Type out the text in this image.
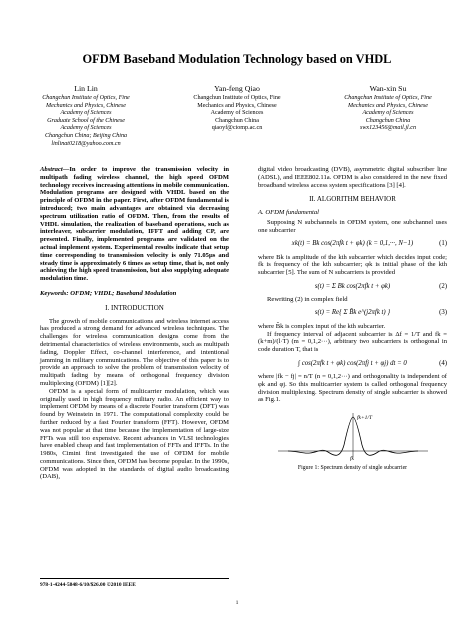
OFDM Baseband Modulation Technology based on VHDL
Lin Lin
Changchun Institute of Optics, Fine
Mechanics and Physics, Chinese
Academy of Sciences
Graduate School of the Chinese
Academy of Sciences
Changchun China; Beijing China
linlinat0218@yahoo.com.cn
Yan-feng Qiao
Changchun Institute of Optics, Fine
Mechanics and Physics, Chinese
Academy of Sciences
Changchun China
qiaoyf@ciomp.ac.cn
Wan-xin Su
Changchun Institute of Optics, Fine
Mechanics and Physics, Chinese
Academy of Sciences
Changchun China
swx123456@mail.jl.cn
Abstract—In order to improve the transmission velocity in multipath fading wireless channel, the high speed OFDM technology receives increasing attentions in mobile communication. Modulation programs are designed with VHDL based on the principle of OFDM in the paper. First, after OFDM fundamental is introduced; two main advantages are obtained via decreasing spectrum utilization ratio of OFDM. Then, from the results of VHDL simulation, the realization of baseband operations, such as interleaver, subcarrier modulation, IFFT and adding CP, are presented. Finally, implemented programs are validated on the actual implement system. Experimental results indicate that setup time corresponding to transmission velocity is only 71.05μs and steady time is approximately 6 times as setup time, that is, not only achieving the high speed transmission, but also supplying adequate modulation time.
Keywords: OFDM; VHDL; Baseband Modulation
I. INTRODUCTION

The growth of mobile communications and wireless internet access has produced a strong demand for advanced wireless techniques. The challenges for wireless communication designs come from the detrimental characteristics of wireless environments, such as multipath fading, Doppler Effect, co-channel interference, and intentional jamming in military communications. The objective of this paper is to provide an approach to solve the problem of transmission velocity of multipath fading by means of orthogonal frequency division multiplexing (OFDM) [1][2].

OFDM is a special form of multicarrier modulation, which was originally used in high frequency military radio. An efficient way to implement OFDM by means of a discrete Fourier transform (DFT) was found by Weinstein in 1971. The computational complexity could be further reduced by a fast Fourier transform (FFT). However, OFDM was not popular at that time because the implementation of large-size FFTs was still too expensive. Recent advances in VLSI technologies have enabled cheap and fast implementation of FFTs and IFFTs. In the 1980s, Cimini first investigated the use of OFDM for mobile communications. Since then, OFDM has become popular. In the 1990s, OFDM was adopted in the standards of digital audio broadcasting (DAB),

digital video broadcasting (DVB), asymmetric digital subscriber line (ADSL), and IEEE802.11a. OFDM is also considered in the new fixed broadband wireless access system specifications [3] [4].

II. ALGORITHM BEHAVIOR
A. OFDM fundamental

Supposing N subchannels in OFDM system, one subchannel uses one subcarrier

xk(t) = Bk cos(2πfk t + φk) (k = 0,1,···, N−1)	(1)

where Bk is amplitude of the kth subcarrier which decides input code; fk is frequency of the kth subcarrier; φk is initial phase of the kth subcarrier [5]. The sum of N subcarriers is provided

s(t) = Σ Bk cos(2πfk t + φk)	(2)

Rewriting (2) in complex field

s(t) = Re{ Σ B̂k e^(j2πfk t) }	(3)

where B̂k is complex input of the kth subcarrier.

If frequency interval of adjacent subcarrier is Δf = 1/T and fk = (k+m)/(l·T) (m = 0,1,2···), arbitrary two subcarriers is orthogonal in code duration T, that is

∫ cos(2πfk t + φk) cos(2πfj t + φj) dt = 0	(4)

where |fk − fj| = n/T (n = 0,1,2···) and orthogonality is independent of φk and φj. So this multicarrier system is called orthogonal frequency division multiplexing. Spectrum density of single subcarrier is showed as Fig.1.

fk+1/T
fk
Figure 1: Spectrum density of single subcarrier
978-1-4244-5848-6/10/$26.00 ©2010 IEEE
1
